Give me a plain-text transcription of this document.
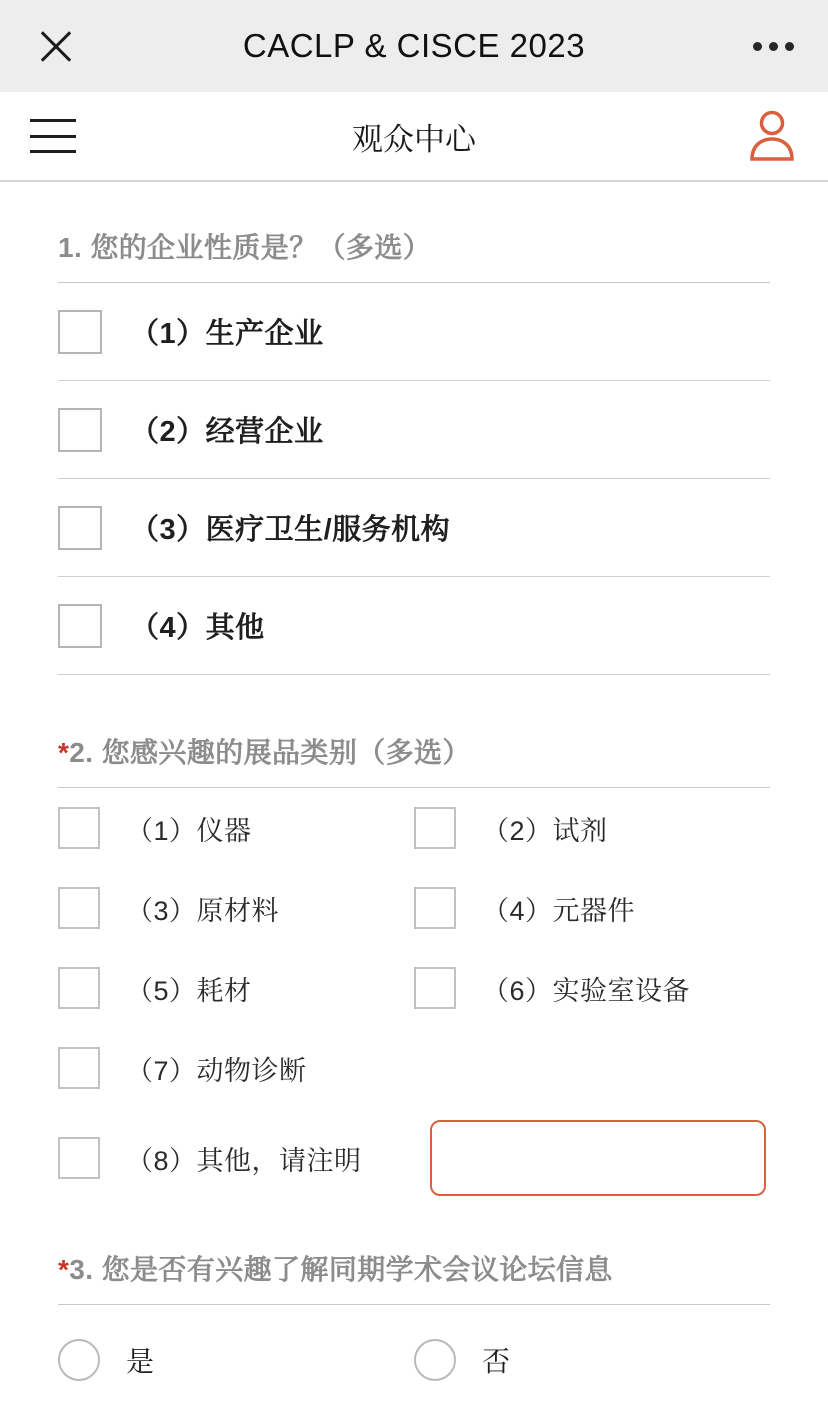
CACLP & CISCE 2023
观众中心
1. 您的企业性质是？（多选）
（1）生产企业
（2）经营企业
（3）医疗卫生/服务机构
（4）其他
*2. 您感兴趣的展品类别（多选）
（1）仪器	（2）试剂
（3）原材料	（4）元器件
（5）耗材	（6）实验室设备
（7）动物诊断
（8）其他，请注明
*3. 您是否有兴趣了解同期学术会议论坛信息
是	否
